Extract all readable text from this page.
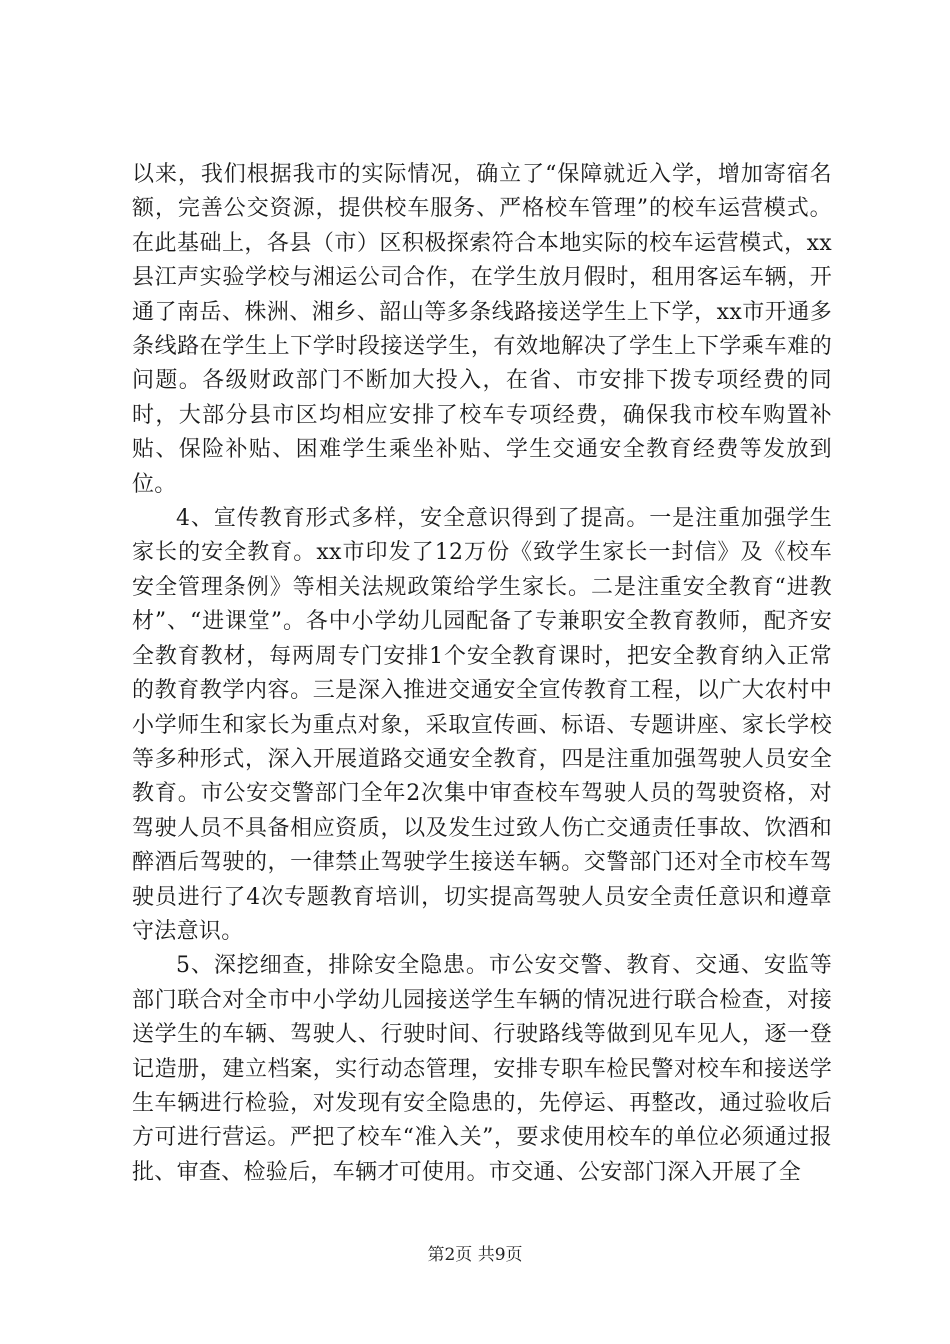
以来，我们根据我市的实际情况，确立了“保障就近入学，增加寄宿名额，完善公交资源，提供校车服务、严格校车管理”的校车运营模式。在此基础上，各县（市）区积极探索符合本地实际的校车运营模式，xx县江声实验学校与湘运公司合作，在学生放月假时，租用客运车辆，开通了南岳、株洲、湘乡、韶山等多条线路接送学生上下学，xx市开通多条线路在学生上下学时段接送学生，有效地解决了学生上下学乘车难的问题。各级财政部门不断加大投入，在省、市安排下拨专项经费的同时，大部分县市区均相应安排了校车专项经费，确保我市校车购置补贴、保险补贴、困难学生乘坐补贴、学生交通安全教育经费等发放到位。

4、宣传教育形式多样，安全意识得到了提高。一是注重加强学生家长的安全教育。xx市印发了12万份《致学生家长一封信》及《校车安全管理条例》等相关法规政策给学生家长。二是注重安全教育“进教材”、“进课堂”。各中小学幼儿园配备了专兼职安全教育教师，配齐安全教育教材，每两周专门安排1个安全教育课时，把安全教育纳入正常的教育教学内容。三是深入推进交通安全宣传教育工程，以广大农村中小学师生和家长为重点对象，采取宣传画、标语、专题讲座、家长学校等多种形式，深入开展道路交通安全教育，四是注重加强驾驶人员安全教育。市公安交警部门全年2次集中审查校车驾驶人员的驾驶资格，对驾驶人员不具备相应资质，以及发生过致人伤亡交通责任事故、饮酒和醉酒后驾驶的，一律禁止驾驶学生接送车辆。交警部门还对全市校车驾驶员进行了4次专题教育培训，切实提高驾驶人员安全责任意识和遵章守法意识。

5、深挖细查，排除安全隐患。市公安交警、教育、交通、安监等部门联合对全市中小学幼儿园接送学生车辆的情况进行联合检查，对接送学生的车辆、驾驶人、行驶时间、行驶路线等做到见车见人，逐一登记造册，建立档案，实行动态管理，安排专职车检民警对校车和接送学生车辆进行检验，对发现有安全隐患的，先停运、再整改，通过验收后方可进行营运。严把了校车“准入关”，要求使用校车的单位必须通过报批、审查、检验后，车辆才可使用。市交通、公安部门深入开展了全

第2页 共9页
